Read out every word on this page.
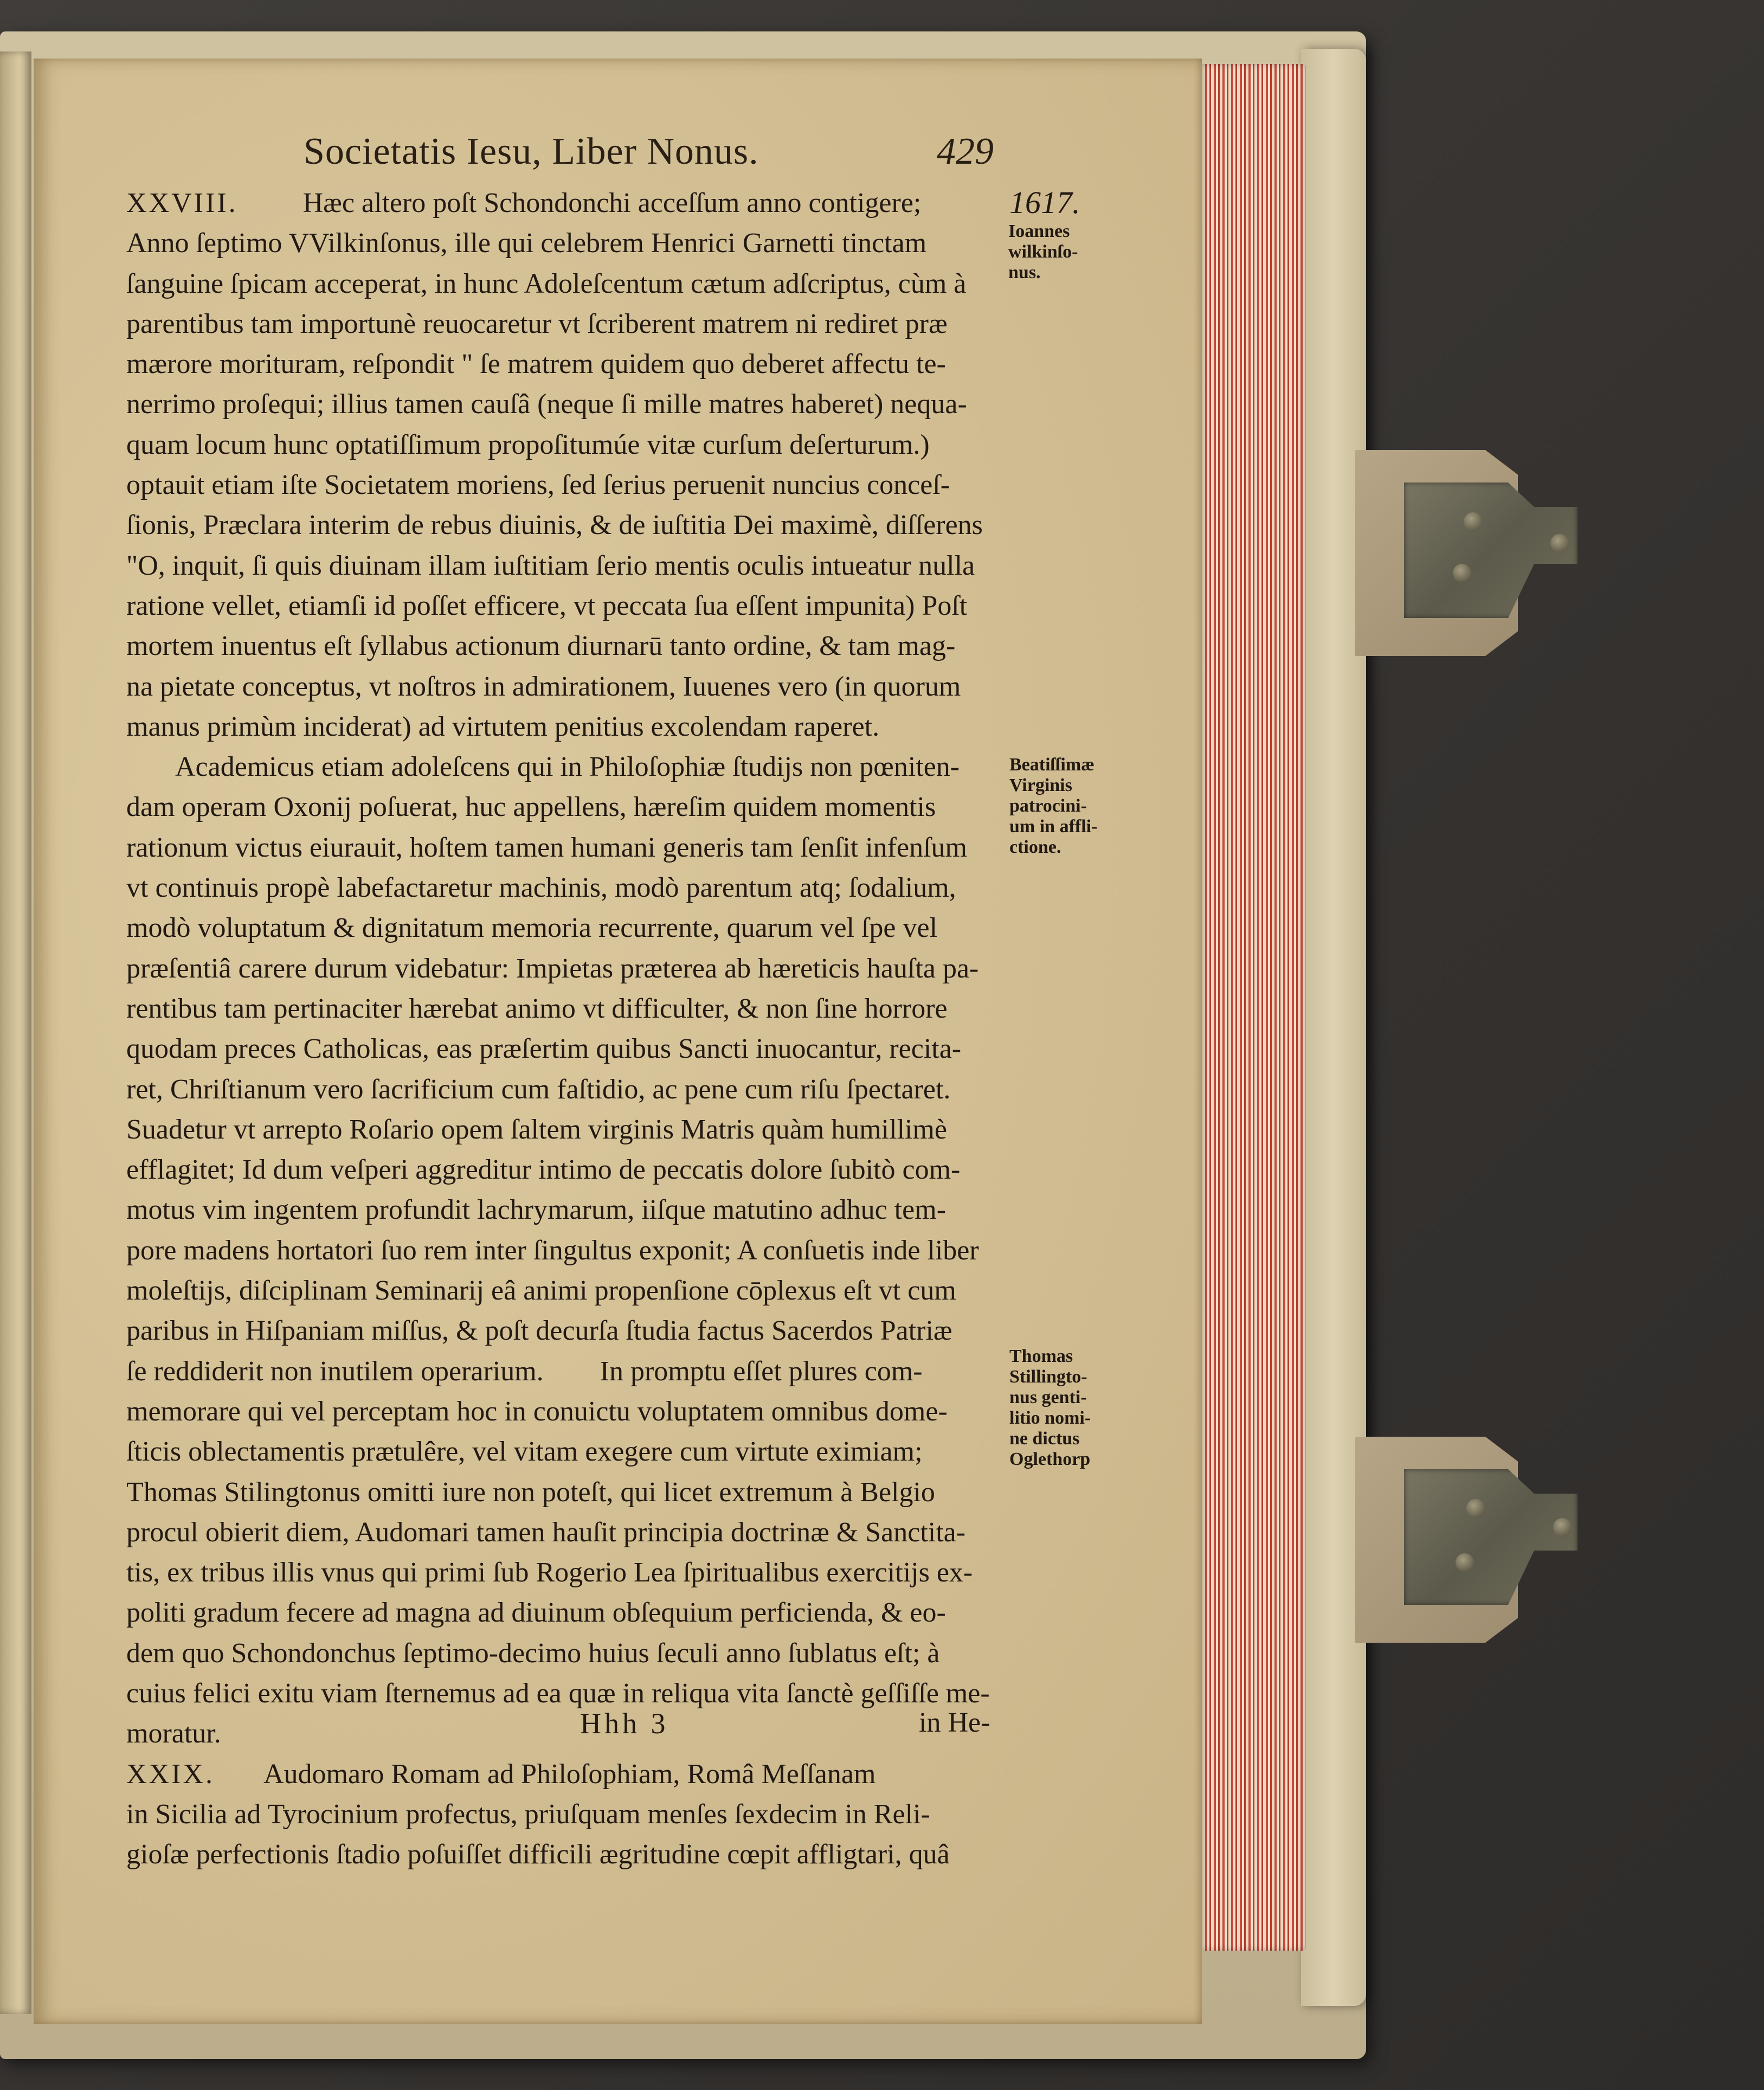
Societatis Iesu, Liber Nonus.	429
1617.
XXVIII. Hæc altero poſt Schondonchi acceſſum anno contigere;
Anno ſeptimo VVilkinſonus, ille qui celebrem Henrici Garnetti tinctam
ſanguine ſpicam acceperat, in hunc Adoleſcentum cætum adſcriptus, cùm à
parentibus tam importunè reuocaretur vt ſcriberent matrem ni rediret præ
mærore morituram, reſpondit " ſe matrem quidem quo deberet affectu te-
nerrimo proſequi; illius tamen cauſâ (neque ſi mille matres haberet) nequa-
quam locum hunc optatiſſimum propoſitumúe vitæ curſum deſerturum.)
optauit etiam iſte Societatem moriens, ſed ſerius peruenit nuncius conceſ-
ſionis, Præclara interim de rebus diuinis, & de iuſtitia Dei maximè, diſſerens
"O, inquit, ſi quis diuinam illam iuſtitiam ſerio mentis oculis intueatur nulla
ratione vellet, etiamſi id poſſet efficere, vt peccata ſua eſſent impunita) Poſt
mortem inuentus eſt ſyllabus actionum diurnarū tanto ordine, & tam mag-
na pietate conceptus, vt noſtros in admirationem, Iuuenes vero (in quorum
manus primùm inciderat) ad virtutem penitius excolendam raperet.
Academicus etiam adoleſcens qui in Philoſophiæ ſtudijs non pœniten-
dam operam Oxonij poſuerat, huc appellens, hæreſim quidem momentis
rationum victus eiurauit, hoſtem tamen humani generis tam ſenſit infenſum
vt continuis propè labefactaretur machinis, modò parentum atq; ſodalium,
modò voluptatum & dignitatum memoria recurrente, quarum vel ſpe vel
præſentiâ carere durum videbatur: Impietas præterea ab hæreticis hauſta pa-
rentibus tam pertinaciter hærebat animo vt difficulter, & non ſine horrore
quodam preces Catholicas, eas præſertim quibus Sancti inuocantur, recita-
ret, Chriſtianum vero ſacrificium cum faſtidio, ac pene cum riſu ſpectaret.
Suadetur vt arrepto Roſario opem ſaltem virginis Matris quàm humillimè
efflagitet; Id dum veſperi aggreditur intimo de peccatis dolore ſubitò com-
motus vim ingentem profundit lachrymarum, iiſque matutino adhuc tem-
pore madens hortatori ſuo rem inter ſingultus exponit; A conſuetis inde liber
moleſtijs, diſciplinam Seminarij eâ animi propenſione cōplexus eſt vt cum
paribus in Hiſpaniam miſſus, & poſt decurſa ſtudia factus Sacerdos Patriæ
ſe reddiderit non inutilem operarium.        In promptu eſſet plures com-
memorare qui vel perceptam hoc in conuictu voluptatem omnibus dome-
ſticis oblectamentis prætulêre, vel vitam exegere cum virtute eximiam;
Thomas Stilingtonus omitti iure non poteſt, qui licet extremum à Belgio
procul obierit diem, Audomari tamen hauſit principia doctrinæ & Sanctita-
tis, ex tribus illis vnus qui primi ſub Rogerio Lea ſpiritualibus exercitijs ex-
politi gradum fecere ad magna ad diuinum obſequium perficienda, & eo-
dem quo Schondonchus ſeptimo-decimo huius ſeculi anno ſublatus eſt; à
cuius felici exitu viam ſternemus ad ea quæ in reliqua vita ſanctè geſſiſſe me-
moratur.
XXIX. Audomaro Romam ad Philoſophiam, Româ Meſſanam
in Sicilia ad Tyrocinium profectus, priuſquam menſes ſexdecim in Reli-
gioſæ perfectionis ſtadio poſuiſſet difficili ægritudine cœpit affligtari, quâ
Ioannes
wilkinſo-
nus.
Beatiſſimæ
Virginis
patrocini-
um in affli-
ctione.
Thomas
Stillingto-
nus genti-
litio nomi-
ne dictus
Oglethorp
Hhh 3	in He-
